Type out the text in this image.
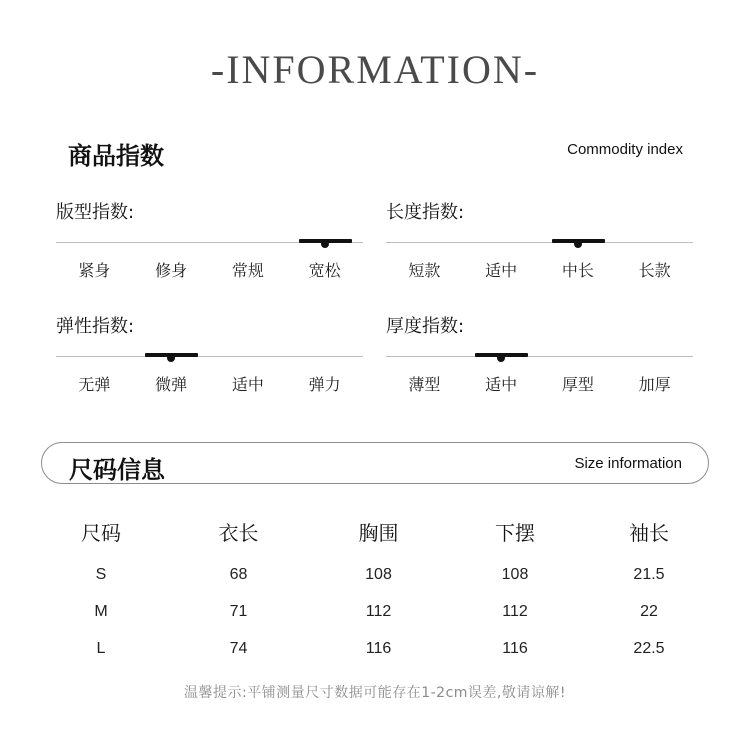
-INFORMATION-
商品指数	Commodity index
版型指数:
紧身	修身	常规	宽松
长度指数:
短款	适中	中长	长款
弹性指数:
无弹	微弹	适中	弹力
厚度指数:
薄型	适中	厚型	加厚
尺码信息	Size information
尺码	衣长	胸围	下摆	袖长
S	68	108	108	21.5
M	71	112	112	22
L	74	116	116	22.5
温馨提示:平铺测量尺寸数据可能存在1-2cm误差,敬请谅解!
